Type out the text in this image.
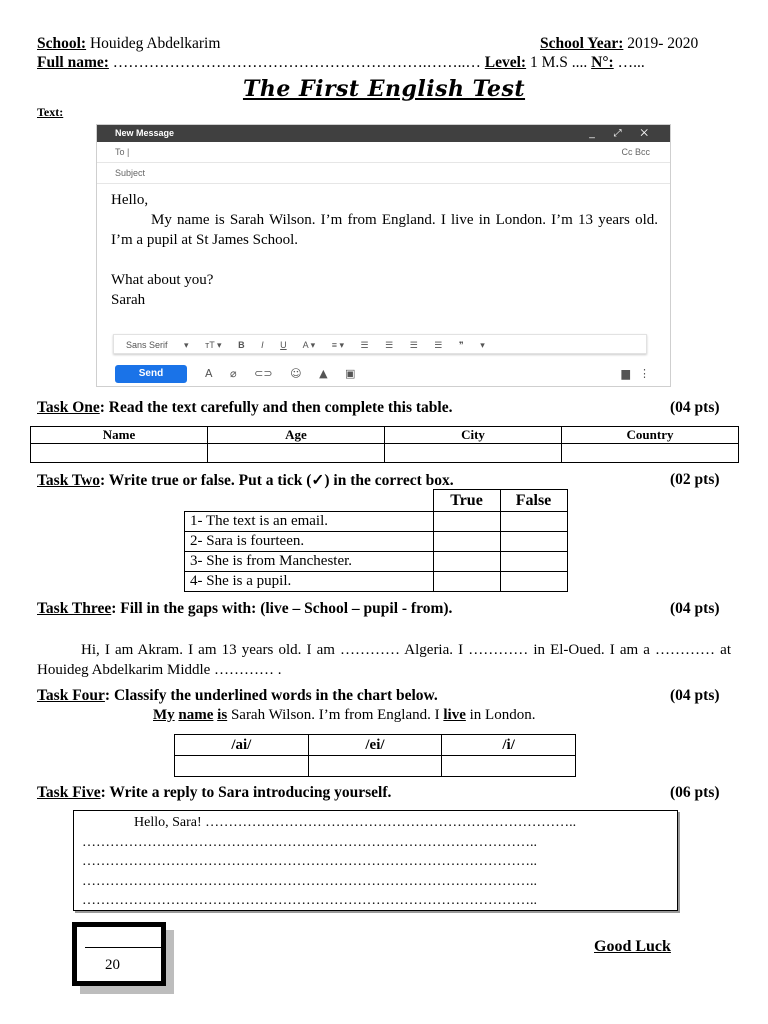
School: Houideg Abdelkarim	School Year: 2019- 2020
Full name: …………………………………………………….……..… Level: 1 M.S .... N°: …...
The First English Test
Text:
New Message	_ ⤢ ✕
To |	Cc Bcc
Subject

Hello,

My name is Sarah Wilson. I’m from England. I live in London. I’m 13 years old. I’m a pupil at St James School.

What about you?

Sarah

Sans Serif ▾ тT ▾ B I U A ▾ ≡ ▾ ☰ ☰ ☰ ☰ ❞ ▾
Send	A ⌀ ⊂⊃ ☺ ▲ ▣	▆ ⋮
Task One: Read the text carefully and then complete this table.	(04 pts)
Name	Age	City	Country

Task Two: Write true or false. Put a tick (✓) in the correct box.	(02 pts)
	True	False
1- The text is an email.		
2- Sara is fourteen.		
3- She is from Manchester.		
4- She is a pupil.		
Task Three: Fill in the gaps with: (live – School – pupil - from).	(04 pts)
Hi, I am Akram. I am 13 years old. I am ………… Algeria. I ………… in El-Oued. I am a ………… at Houideg Abdelkarim Middle ………… .
Task Four: Classify the underlined words in the chart below.	(04 pts)
My name is Sarah Wilson. I’m from England. I live in London.
/ai/	/ei/	/i/

Task Five: Write a reply to Sara introducing yourself.	(06 pts)

Hello, Sara! ……………………………………………………………………..

……………………………………………………………………………………..

……………………………………………………………………………………..

……………………………………………………………………………………..

……………………………………………………………………………………..

20
Good Luck
